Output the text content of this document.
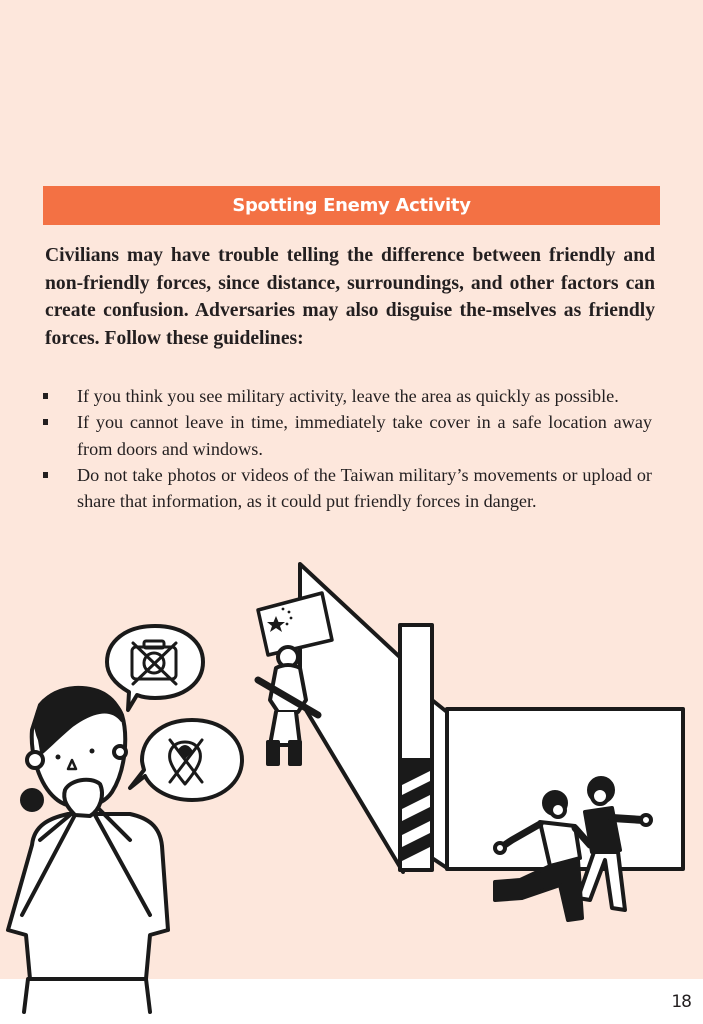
Spotting Enemy Activity

Civilians may have trouble telling the difference between friendly and non-friendly forces, since distance, surroundings, and other factors can create confusion. Adversaries may also disguise the-mselves as friendly forces. Follow these guidelines:

If you think you see military activity, leave the area as quickly as possible.
If you cannot leave in time, immediately take cover in a safe location away from doors and windows.
Do not take photos or videos of the Taiwan military’s movements or upload or share that information, as it could put friendly forces in danger.
18
